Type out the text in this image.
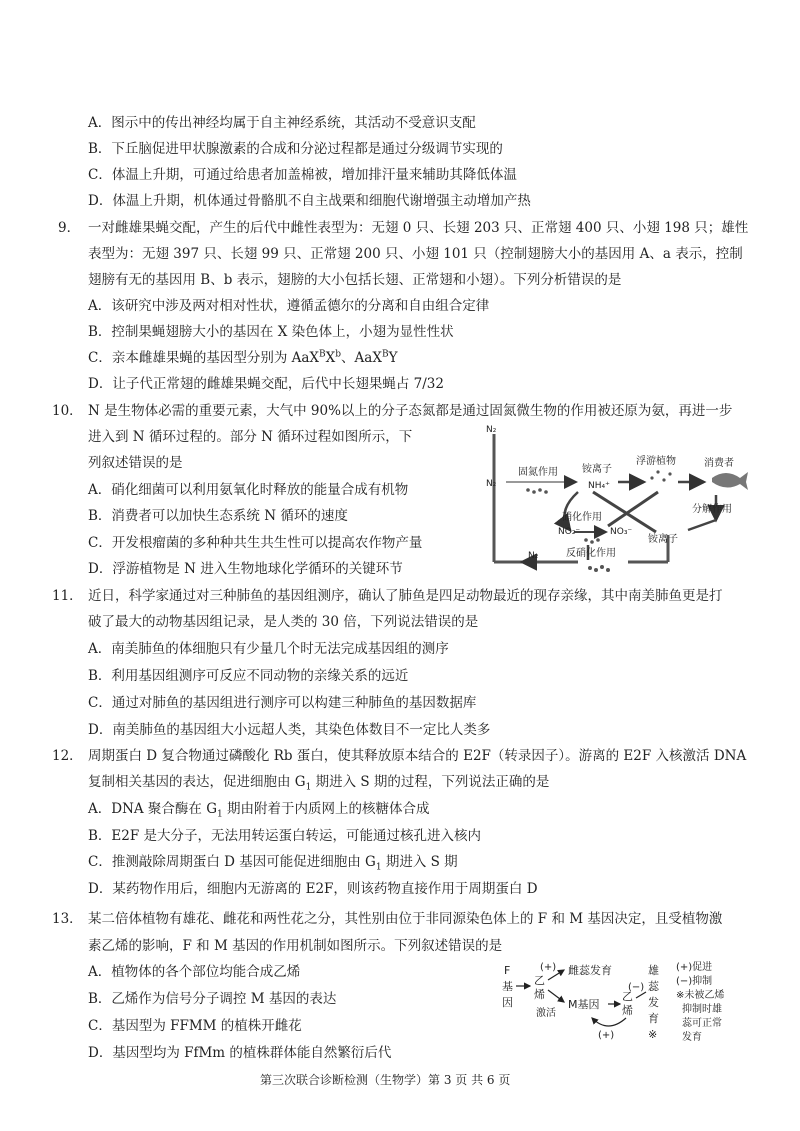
A．图示中的传出神经均属于自主神经系统，其活动不受意识支配
B．下丘脑促进甲状腺激素的合成和分泌过程都是通过分级调节实现的
C．体温上升期，可通过给患者加盖棉被，增加排汗量来辅助其降低体温
D．体温上升期，机体通过骨骼肌不自主战栗和细胞代谢增强主动增加产热
9． 一对雌雄果蝇交配，产生的后代中雌性表型为：无翅 0 只、长翅 203 只、正常翅 400 只、小翅 198 只；雄性
表型为：无翅 397 只、长翅 99 只、正常翅 200 只、小翅 101 只（控制翅膀大小的基因用 A、a 表示，控制
翅膀有无的基因用 B、b 表示，翅膀的大小包括长翅、正常翅和小翅）。下列分析错误的是
A．该研究中涉及两对相对性状，遵循孟德尔的分离和自由组合定律
B．控制果蝇翅膀大小的基因在 X 染色体上，小翅为显性性状
C．亲本雌雄果蝇的基因型分别为 $AaX^BX^b$、AaX$^B$Y
D．让子代正常翅的雌雄果蝇交配，后代中长翅果蝇占 7/32
10． N 是生物体必需的重要元素，大气中 90%以上的分子态氮都是通过固氮微生物的作用被还原为氨，再进一步
进入到 N 循环过程的。部分 N 循环过程如图所示，下
列叙述错误的是
A．硝化细菌可以利用氨氧化时释放的能量合成有机物
B．消费者可以加快生态系统 N 循环的速度
C．开发根瘤菌的多种种共生共生性可以提高农作物产量
D．浮游植物是 N 进入生物地球化学循环的关键环节
N₂
N₂
N₂
固氮作用 铵离子
NH₄⁺
浮游植物	消费者
分解作用
硝化作用
NO₂⁻	NO₃⁻
铵离子
反硝化作用
11． 近日，科学家通过对三种肺鱼的基因组测序，确认了肺鱼是四足动物最近的现存亲缘，其中南美肺鱼更是打
破了最大的动物基因组记录，是人类的 30 倍，下列说法错误的是
A．南美肺鱼的体细胞只有少量几个时无法完成基因组的测序
B．利用基因组测序可反应不同动物的亲缘关系的远近
C．通过对肺鱼的基因组进行测序可以构建三种肺鱼的基因数据库
D．南美肺鱼的基因组大小远超人类，其染色体数目不一定比人类多
12． 周期蛋白 D 复合物通过磷酸化 Rb 蛋白，使其释放原本结合的 E2F（转录因子）。游离的 E2F 入核激活 DNA
复制相关基因的表达，促进细胞由 $G_1$ 期进入 S 期的过程，下列说法正确的是
A．DNA 聚合酶在 $G_1$ 期由附着于内质网上的核糖体合成
B．E2F 是大分子，无法用转运蛋白转运，可能通过核孔进入核内
C．推测敲除周期蛋白 D 基因可能促进细胞由 $G_1$ 期进入 S 期
D．某药物作用后，细胞内无游离的 E2F，则该药物直接作用于周期蛋白 D
13． 某二倍体植物有雄花、雌花和两性花之分，其性别由位于非同源染色体上的 F 和 M 基因决定，且受植物激
素乙烯的影响，F 和 M 基因的作用机制如图所示。下列叙述错误的是
A．植物体的各个部位均能合成乙烯
B．乙烯作为信号分子调控 M 基因的表达
C．基因型为 FFMM 的植株开雌花
D．基因型均为 FfMm 的植株群体能自然繁衍后代
F
基
因
(+)
乙
烯
雌蕊发育
激活
M基因
乙
烯
(+)
(−)
雄
蕊
发
育
※
(+)促进
(−)抑制
※未被乙烯
抑制时雄
蕊可正常
发育
第三次联合诊断检测（生物学）第 3 页 共 6 页
